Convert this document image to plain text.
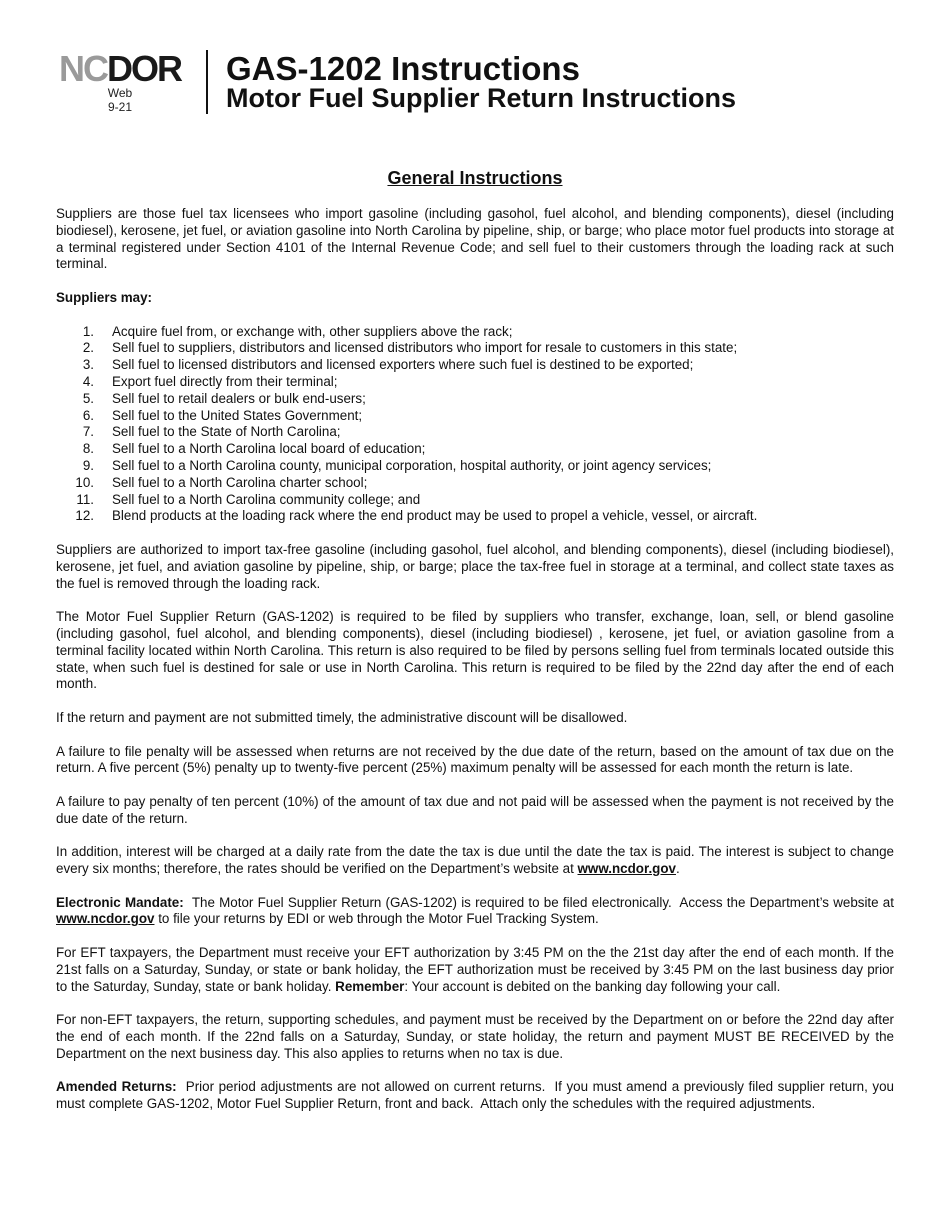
NCDOR
Web
9-21
GAS-1202 Instructions
Motor Fuel Supplier Return Instructions
General Instructions

Suppliers are those fuel tax licensees who import gasoline (including gasohol, fuel alcohol, and blending components), diesel (including biodiesel), kerosene, jet fuel, or aviation gasoline into North Carolina by pipeline, ship, or barge; who place motor fuel products into storage at a terminal registered under Section 4101 of the Internal Revenue Code; and sell fuel to their customers through the loading rack at such terminal.

Suppliers may:

1. Acquire fuel from, or exchange with, other suppliers above the rack;
2. Sell fuel to suppliers, distributors and licensed distributors who import for resale to customers in this state;
3. Sell fuel to licensed distributors and licensed exporters where such fuel is destined to be exported;
4. Export fuel directly from their terminal;
5. Sell fuel to retail dealers or bulk end-users;
6. Sell fuel to the United States Government;
7. Sell fuel to the State of North Carolina;
8. Sell fuel to a North Carolina local board of education;
9. Sell fuel to a North Carolina county, municipal corporation, hospital authority, or joint agency services;
10. Sell fuel to a North Carolina charter school;
11. Sell fuel to a North Carolina community college; and
12. Blend products at the loading rack where the end product may be used to propel a vehicle, vessel, or aircraft.

Suppliers are authorized to import tax-free gasoline (including gasohol, fuel alcohol, and blending components), diesel (including biodiesel), kerosene, jet fuel, and aviation gasoline by pipeline, ship, or barge; place the tax-free fuel in storage at a terminal, and collect state taxes as the fuel is removed through the loading rack.

The Motor Fuel Supplier Return (GAS-1202) is required to be filed by suppliers who transfer, exchange, loan, sell, or blend gasoline (including gasohol, fuel alcohol, and blending components), diesel (including biodiesel) , kerosene, jet fuel, or aviation gasoline from a terminal facility located within North Carolina. This return is also required to be filed by persons selling fuel from terminals located outside this state, when such fuel is destined for sale or use in North Carolina. This return is required to be filed by the 22nd day after the end of each month.

If the return and payment are not submitted timely, the administrative discount will be disallowed.

A failure to file penalty will be assessed when returns are not received by the due date of the return, based on the amount of tax due on the return. A five percent (5%) penalty up to twenty-five percent (25%) maximum penalty will be assessed for each month the return is late.

A failure to pay penalty of ten percent (10%) of the amount of tax due and not paid will be assessed when the payment is not received by the due date of the return.

In addition, interest will be charged at a daily rate from the date the tax is due until the date the tax is paid. The interest is subject to change every six months; therefore, the rates should be verified on the Department’s website at www.ncdor.gov.

Electronic Mandate:  The Motor Fuel Supplier Return (GAS-1202) is required to be filed electronically.  Access the Department’s website at www.ncdor.gov to file your returns by EDI or web through the Motor Fuel Tracking System.

For EFT taxpayers, the Department must receive your EFT authorization by 3:45 PM on the the 21st day after the end of each month. If the 21st falls on a Saturday, Sunday, or state or bank holiday, the EFT authorization must be received by 3:45 PM on the last business day prior to the Saturday, Sunday, state or bank holiday. Remember: Your account is debited on the banking day following your call.

For non-EFT taxpayers, the return, supporting schedules, and payment must be received by the Department on or before the 22nd day after the end of each month. If the 22nd falls on a Saturday, Sunday, or state holiday, the return and payment MUST BE RECEIVED by the Department on the next business day. This also applies to returns when no tax is due.

Amended Returns:  Prior period adjustments are not allowed on current returns.  If you must amend a previously filed supplier return, you must complete GAS-1202, Motor Fuel Supplier Return, front and back.  Attach only the schedules with the required adjustments.
